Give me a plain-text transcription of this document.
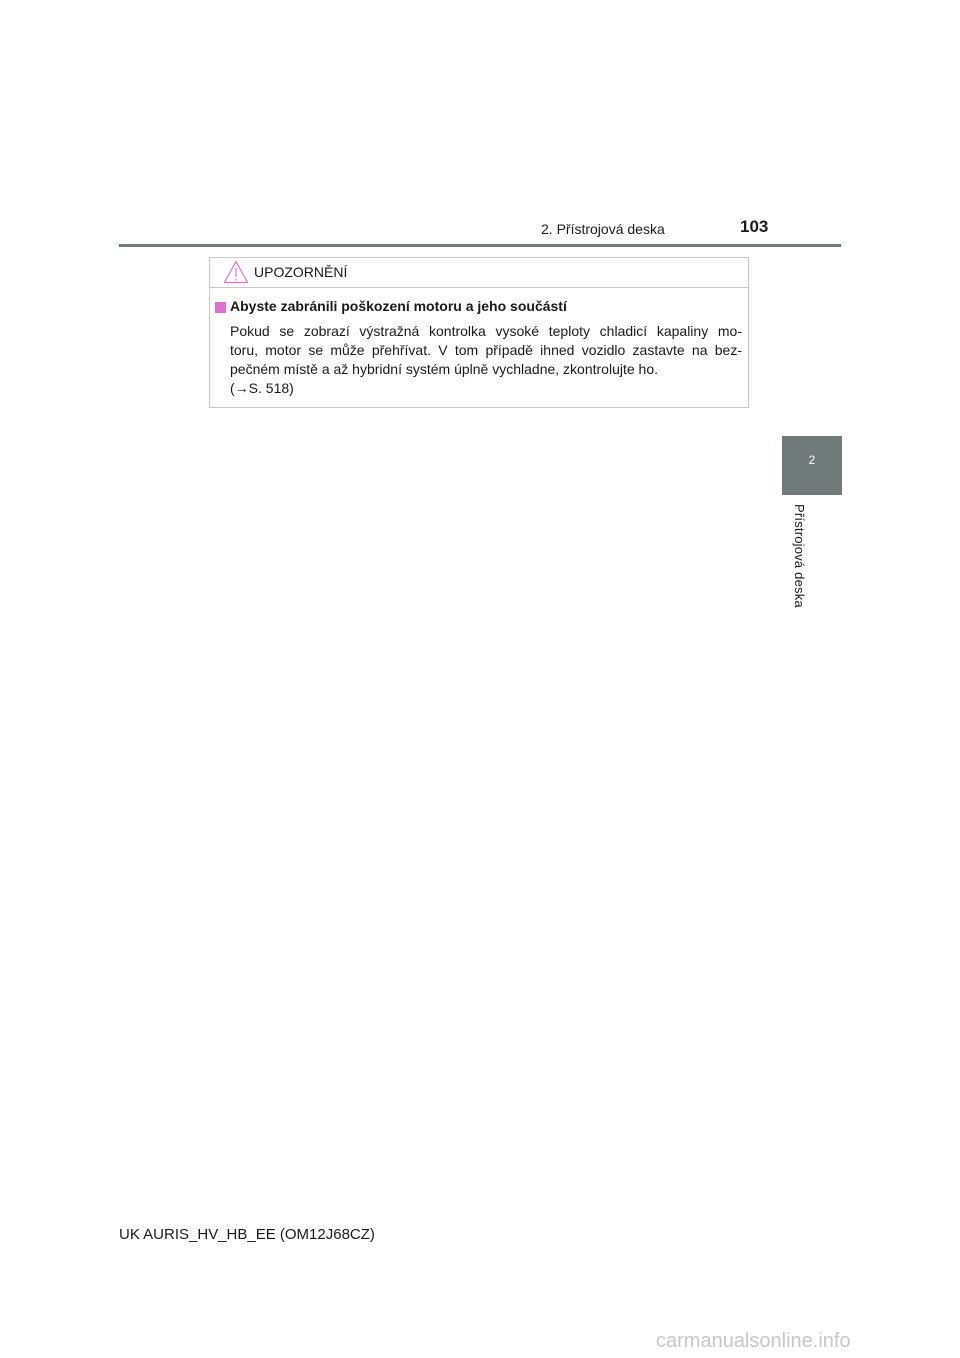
2. Přístrojová deska	103
2
Přístrojová deska
UPOZORNĚNÍ
Abyste zabránili poškození motoru a jeho součástí
Pokud se zobrazí výstražná kontrolka vysoké teploty chladicí kapaliny mo-
toru, motor se může přehřívat. V tom případě ihned vozidlo zastavte na bez-
pečném místě a až hybridní systém úplně vychladne, zkontrolujte ho.
(→S. 518)
UK AURIS_HV_HB_EE (OM12J68CZ)
carmanualsonline.info
